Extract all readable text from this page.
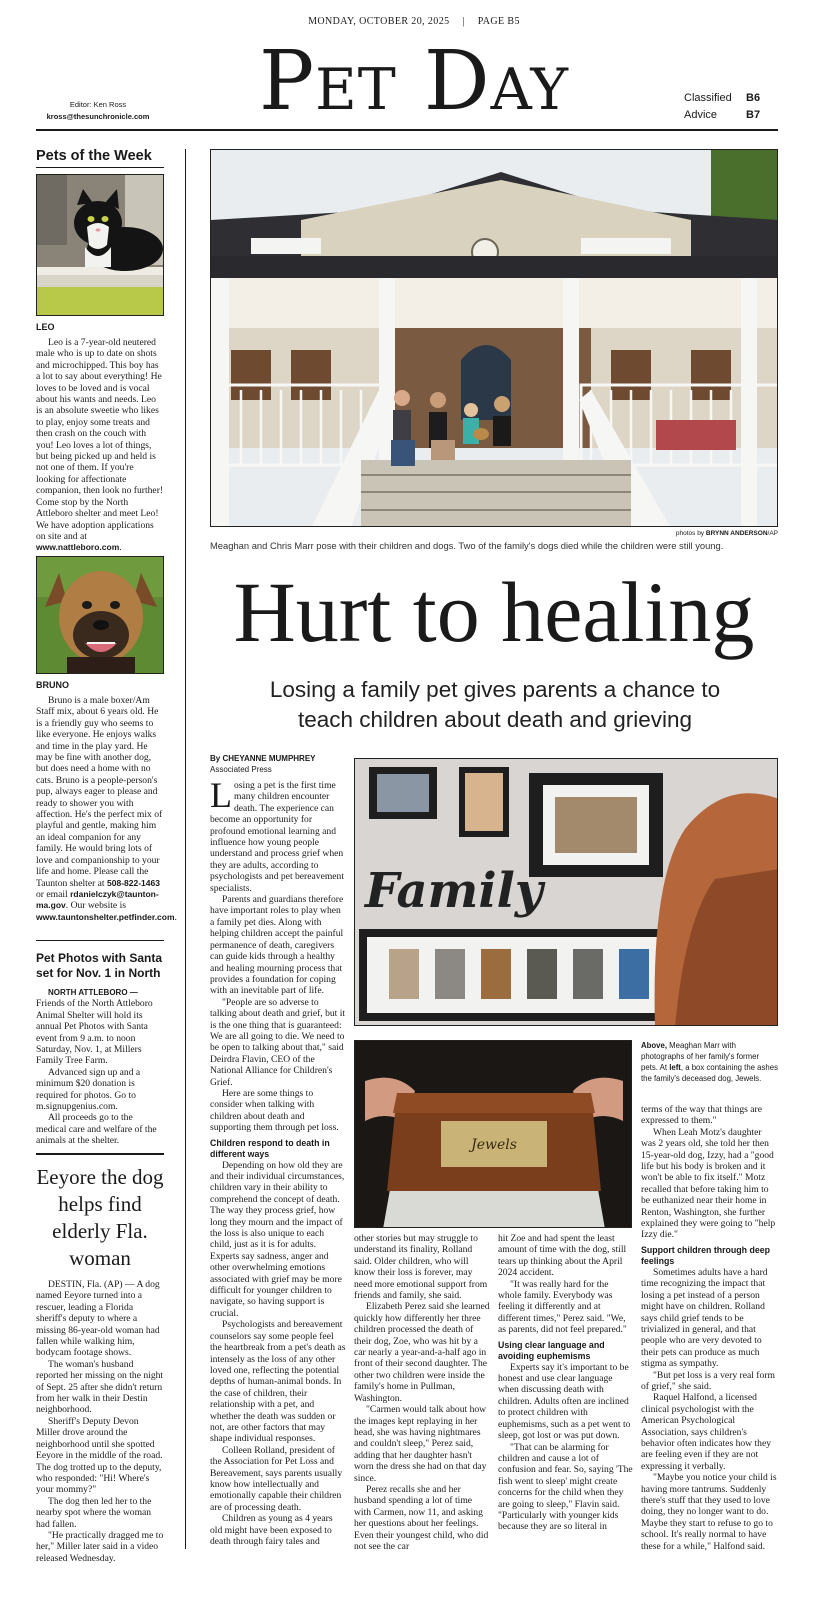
MONDAY, OCTOBER 20, 2025 | PAGE B5
Pet Day
Editor: Ken Ross
kross@thesunchronicle.com
Classified B6
Advice	B7
Pets of the Week
LEO

Leo is a 7-year-old neutered male who is up to date on shots and microchipped. This boy has a lot to say about everything! He loves to be loved and is vocal about his wants and needs. Leo is an absolute sweetie who likes to play, enjoy some treats and then crash on the couch with you! Leo loves a lot of things, but being picked up and held is not one of them. If you're looking for affectionate companion, then look no further! Come stop by the North Attleboro shelter and meet Leo! We have adoption applications on site and at www.nattleboro.com.

BRUNO

Bruno is a male boxer/Am Staff mix, about 6 years old. He is a friendly guy who seems to like everyone. He enjoys walks and time in the play yard. He may be fine with another dog, but does need a home with no cats. Bruno is a people-person's pup, always eager to please and ready to shower you with affection. He's the perfect mix of playful and gentle, making him an ideal companion for any family. He would bring lots of love and companionship to your life and home. Please call the Taunton shelter at 508-822-1463 or email rdanielczyk@taunton-ma.gov. Our website is www.tauntonshelter.petfinder.com.

Pet Photos with Santa set for Nov. 1 in North

NORTH ATTLEBORO — Friends of the North Attleboro Animal Shelter will hold its annual Pet Photos with Santa event from 9 a.m. to noon Saturday, Nov. 1, at Millers Family Tree Farm.

Advanced sign up and a minimum $20 donation is required for photos. Go to m.signupgenius.com.

All proceeds go to the medical care and welfare of the animals at the shelter.

Eeyore the dog helps find elderly Fla. woman

DESTIN, Fla. (AP) — A dog named Eeyore turned into a rescuer, leading a Florida sheriff's deputy to where a missing 86-year-old woman had fallen while walking him, bodycam footage shows.

The woman's husband reported her missing on the night of Sept. 25 after she didn't return from her walk in their Destin neighborhood.

Sheriff's Deputy Devon Miller drove around the neighborhood until she spotted Eeyore in the middle of the road. The dog trotted up to the deputy, who responded: "Hi! Where's your mommy?"

The dog then led her to the nearby spot where the woman had fallen.

"He practically dragged me to her," Miller later said in a video released Wednesday.

photos by BRYNN ANDERSON/AP
Meaghan and Chris Marr pose with their children and dogs. Two of the family's dogs died while the children were still young.
Hurt to healing
Losing a family pet gives parents a chance to teach children about death and grieving
By CHEYANNE MUMPHREY
Associated Press

Losing a pet is the first time many children encounter death. The experience can become an opportunity for profound emotional learning and influence how young people understand and process grief when they are adults, according to psychologists and pet bereavement specialists.

Parents and guardians therefore have important roles to play when a family pet dies. Along with helping children accept the painful permanence of death, caregivers can guide kids through a healthy and healing mourning process that provides a foundation for coping with an inevitable part of life.

"People are so adverse to talking about death and grief, but it is the one thing that is guaranteed: We are all going to die. We need to be open to talking about that," said Deirdra Flavin, CEO of the National Alliance for Children's Grief.

Here are some things to consider when talking with children about death and supporting them through pet loss.

Children respond to death in different ways

Depending on how old they are and their individual circumstances, children vary in their ability to comprehend the concept of death. The way they process grief, how long they mourn and the impact of the loss is also unique to each child, just as it is for adults. Experts say sadness, anger and other overwhelming emotions associated with grief may be more difficult for younger children to navigate, so having support is crucial.

Psychologists and bereavement counselors say some people feel the heartbreak from a pet's death as intensely as the loss of any other loved one, reflecting the potential depths of human-animal bonds. In the case of children, their relationship with a pet, and whether the death was sudden or not, are other factors that may shape individual responses.

Colleen Rolland, president of the Association for Pet Loss and Bereavement, says parents usually know how intellectually and emotionally capable their children are of processing death.

Children as young as 4 years old might have been exposed to death through fairy tales and

Family
Jewels
Above, Meaghan Marr with photographs of her family's former pets. At left, a box containing the ashes the family's deceased dog, Jewels.

other stories but may struggle to understand its finality, Rolland said. Older children, who will know their loss is forever, may need more emotional support from friends and family, she said.

Elizabeth Perez said she learned quickly how differently her three children processed the death of their dog, Zoe, who was hit by a car nearly a year-and-a-half ago in front of their second daughter. The other two children were inside the family's home in Pullman, Washington.

"Carmen would talk about how the images kept replaying in her head, she was having nightmares and couldn't sleep," Perez said, adding that her daughter hasn't worn the dress she had on that day since.

Perez recalls she and her husband spending a lot of time with Carmen, now 11, and asking her questions about her feelings. Even their youngest child, who did not see the car

hit Zoe and had spent the least amount of time with the dog, still tears up thinking about the April 2024 accident.

"It was really hard for the whole family. Everybody was feeling it differently and at different times," Perez said. "We, as parents, did not feel prepared."

Using clear language and avoiding euphemisms

Experts say it's important to be honest and use clear language when discussing death with children. Adults often are inclined to protect children with euphemisms, such as a pet went to sleep, got lost or was put down.

"That can be alarming for children and cause a lot of confusion and fear. So, saying 'The fish went to sleep' might create concerns for the child when they are going to sleep," Flavin said. "Particularly with younger kids because they are so literal in

terms of the way that things are expressed to them."

When Leah Motz's daughter was 2 years old, she told her then 15-year-old dog, Izzy, had a "good life but his body is broken and it won't be able to fix itself." Motz recalled that before taking him to be euthanized near their home in Renton, Washington, she further explained they were going to "help Izzy die."

Support children through deep feelings

Sometimes adults have a hard time recognizing the impact that losing a pet instead of a person might have on children. Rolland says child grief tends to be trivialized in general, and that people who are very devoted to their pets can produce as much stigma as sympathy.

"But pet loss is a very real form of grief," she said.

Raquel Halfond, a licensed clinical psychologist with the American Psychological Association, says children's behavior often indicates how they are feeling even if they are not expressing it verbally.

"Maybe you notice your child is having more tantrums. Suddenly there's stuff that they used to love doing, they no longer want to do. Maybe they start to refuse to go to school. It's really normal to have these for a while," Halfond said.
